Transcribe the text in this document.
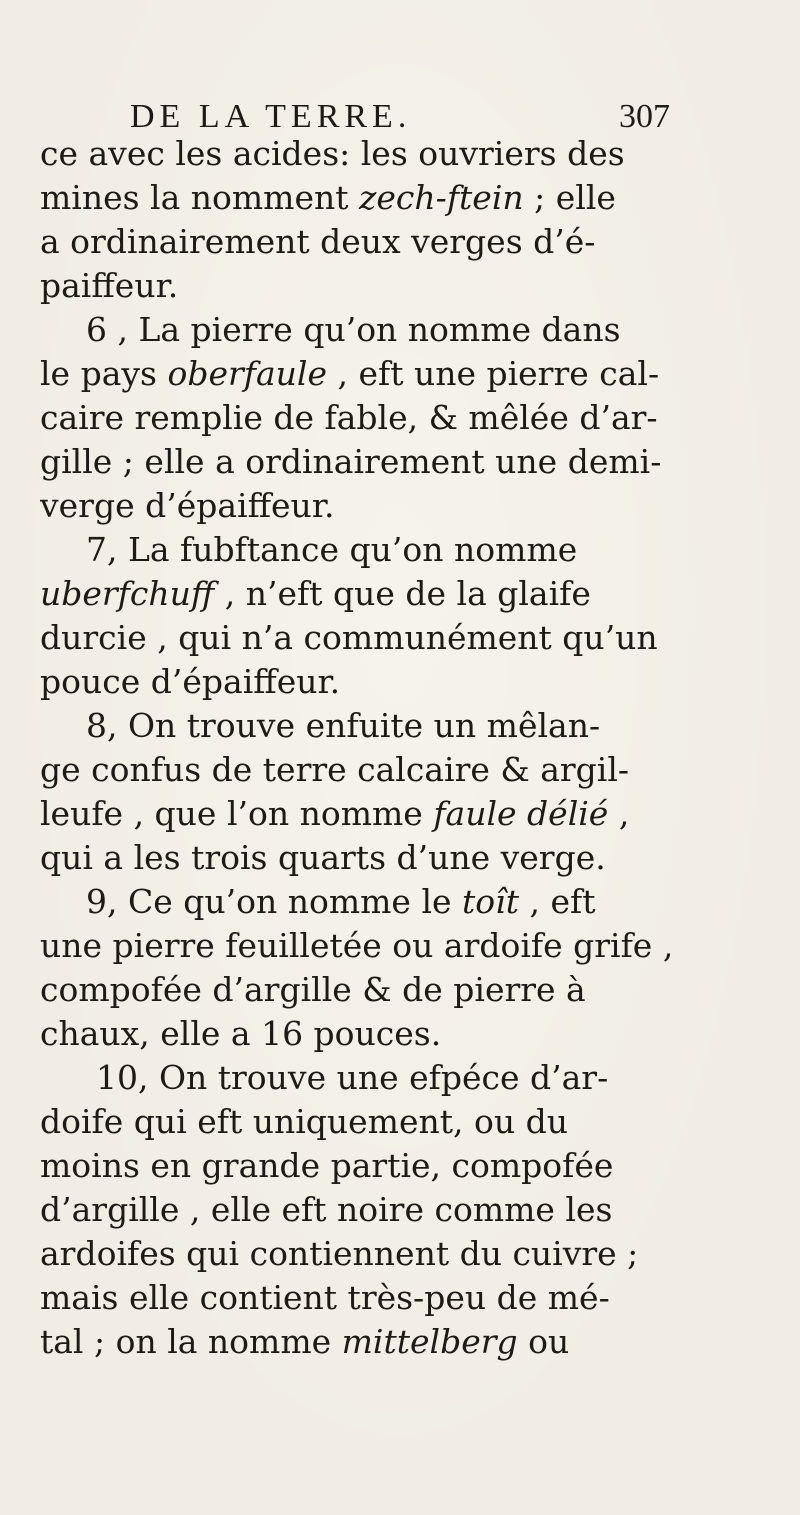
DE LA TERRE.	307
ce avec les acides: les ouvriers des
mines la nomment zech-ftein ; elle
a ordinairement deux verges d’é-
paiffeur.
6 , La pierre qu’on nomme dans
le pays oberfaule , eft une pierre cal-
caire remplie de fable, & mêlée d’ar-
gille ; elle a ordinairement une demi-
verge d’épaiffeur.
7, La fubftance qu’on nomme
uberfchuff , n’eft que de la glaife
durcie , qui n’a communément qu’un
pouce d’épaiffeur.
8, On trouve enfuite un mêlan-
ge confus de terre calcaire & argil-
leufe , que l’on nomme faule délié ,
qui a les trois quarts d’une verge.
9, Ce qu’on nomme le toît , eft
une pierre feuilletée ou ardoife grife ,
compofée d’argille & de pierre à
chaux, elle a 16 pouces.
10, On trouve une efpéce d’ar-
doife qui eft uniquement, ou du
moins en grande partie, compofée
d’argille , elle eft noire comme les
ardoifes qui contiennent du cuivre ;
mais elle contient très-peu de mé-
tal ; on la nomme mittelberg ou
